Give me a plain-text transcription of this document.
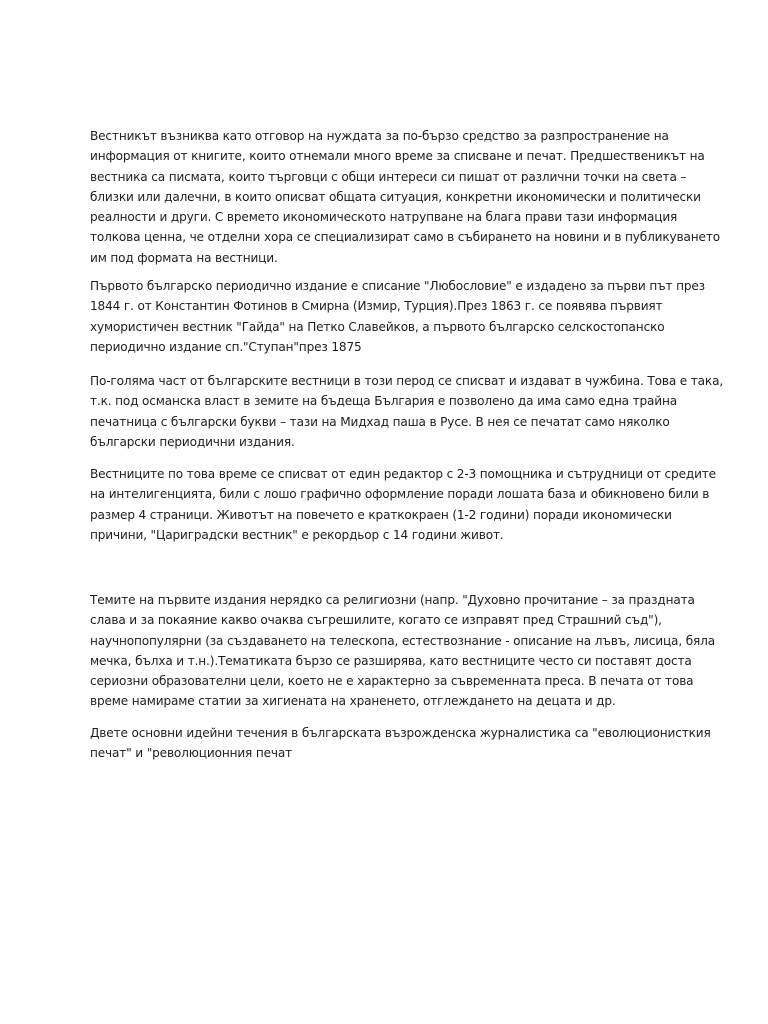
Вестникът възниква като отговор на нуждата за по-бързо средство за разпространение на
информация от книгите, които отнемали много време за списване и печат. Предшественикът на
вестника са писмата, които търговци с общи интереси си пишат от различни точки на света –
близки или далечни, в които описват общата ситуация, конкретни икономически и политически
реалности и други. С времето икономическото натрупване на блага прави тази информация
толкова ценна, че отделни хора се специализират само в събирането на новини и в публикуването
им под формата на вестници.

Първото българско периодично издание е списание "Любословие" е издадено за първи път през
1844 г. от Константин Фотинов в Смирна (Измир, Турция).През 1863 г. се появява първият
хумористичен вестник "Гайда" на Петко Славейков, а първото българско селскостопанско
периодично издание сп."Ступан"през 1875

По-голяма част от българските вестници в този перод се списват и издават в чужбина. Това е така,
т.к. под османска власт в земите на бъдеща България е позволено да има само една трайна
печатница с български букви – тази на Мидхад паша в Русе. В нея се печатат само няколко
български периодични издания.

Вестниците по това време се списват от един редактор с 2-3 помощника и сътрудници от средите
на интелигенцията, били с лошо графично оформление поради лошата база и обикновено били в
размер 4 страници. Животът на повечето е краткокраен (1-2 години) поради икономически
причини, "Цариградски вестник" е рекордьор с 14 години живот.

Темите на първите издания нерядко са религиозни (напр. "Духовно прочитание – за праздната
слава и за покаяние какво очаква съгрешилите, когато се изправят пред Страшний съд"),
научнопопулярни (за създаването на телескопа, естествознание - описание на лъвъ, лисица, бяла
мечка, бълха и т.н.).Тематиката бързо се разширява, като вестниците често си поставят доста
сериозни образователни цели, което не е характерно за съвременната преса. В печата от това
време намираме статии за хигиената на храненето, отглеждането на децата и др.

Двете основни идейни течения в българската възрожденска журналистика са "еволюционисткия
печат" и "революционния печат
